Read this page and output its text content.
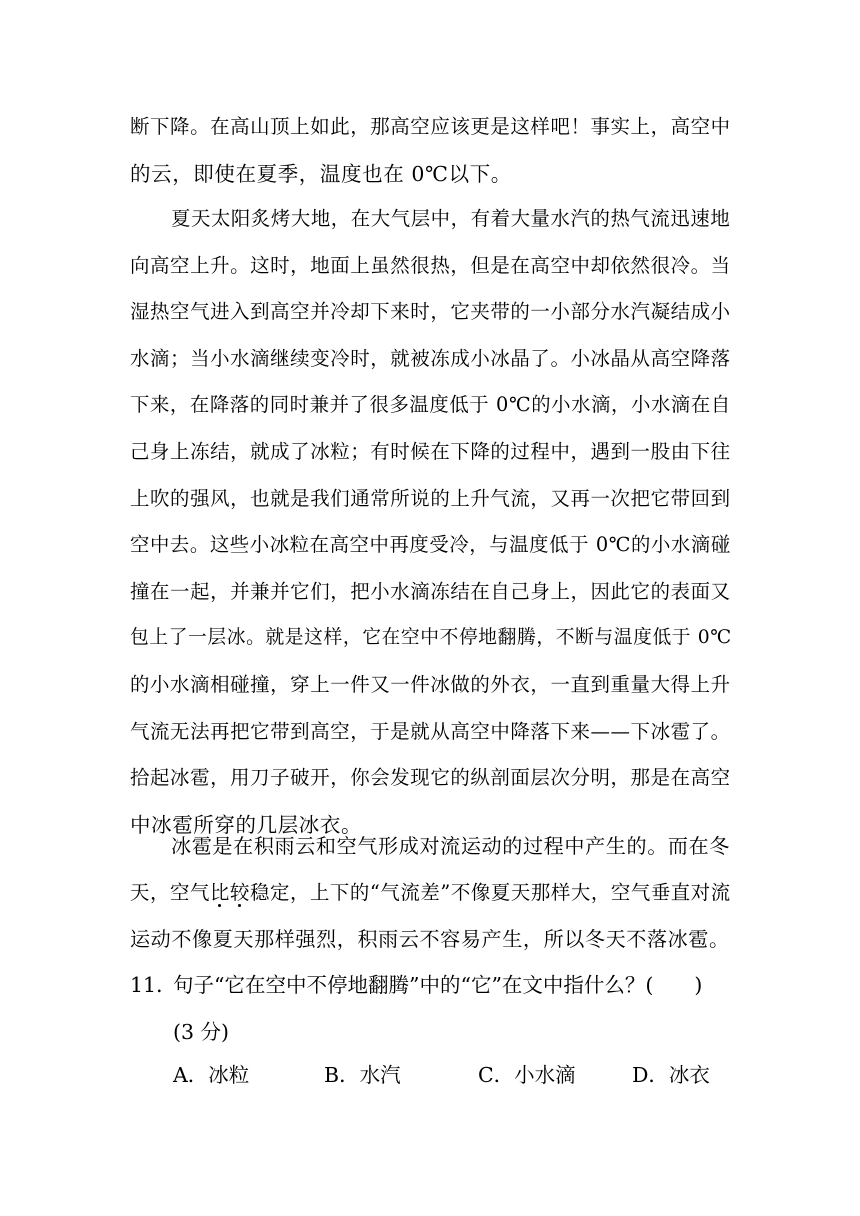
断下降。在高山顶上如此，那高空应该更是这样吧！事实上，高空中
的云，即使在夏季，温度也在 0℃以下。
夏天太阳炙烤大地，在大气层中，有着大量水汽的热气流迅速地
向高空上升。这时，地面上虽然很热，但是在高空中却依然很冷。当
湿热空气进入到高空并冷却下来时，它夹带的一小部分水汽凝结成小
水滴；当小水滴继续变冷时，就被冻成小冰晶了。小冰晶从高空降落
下来，在降落的同时兼并了很多温度低于 0℃的小水滴，小水滴在自
己身上冻结，就成了冰粒；有时候在下降的过程中，遇到一股由下往
上吹的强风，也就是我们通常所说的上升气流，又再一次把它带回到
空中去。这些小冰粒在高空中再度受冷，与温度低于 0℃的小水滴碰
撞在一起，并兼并它们，把小水滴冻结在自己身上，因此它的表面又
包上了一层冰。就是这样，它在空中不停地翻腾，不断与温度低于 0℃
的小水滴相碰撞，穿上一件又一件冰做的外衣，一直到重量大得上升
气流无法再把它带到高空，于是就从高空中降落下来——下冰雹了。
拾起冰雹，用刀子破开，你会发现它的纵剖面层次分明，那是在高空
中冰雹所穿的几层冰衣。
冰雹是在积雨云和空气形成对流运动的过程中产生的。而在冬
天，空气比较稳定，上下的“气流差”不像夏天那样大，空气垂直对流
运动不像夏天那样强烈，积雨云不容易产生，所以冬天不落冰雹。
11．
句子“它在空中不停地翻腾”中的“它”在文中指什么？(　　)
(3 分)
A．冰粒	B．水汽	C．小水滴	D．冰衣
